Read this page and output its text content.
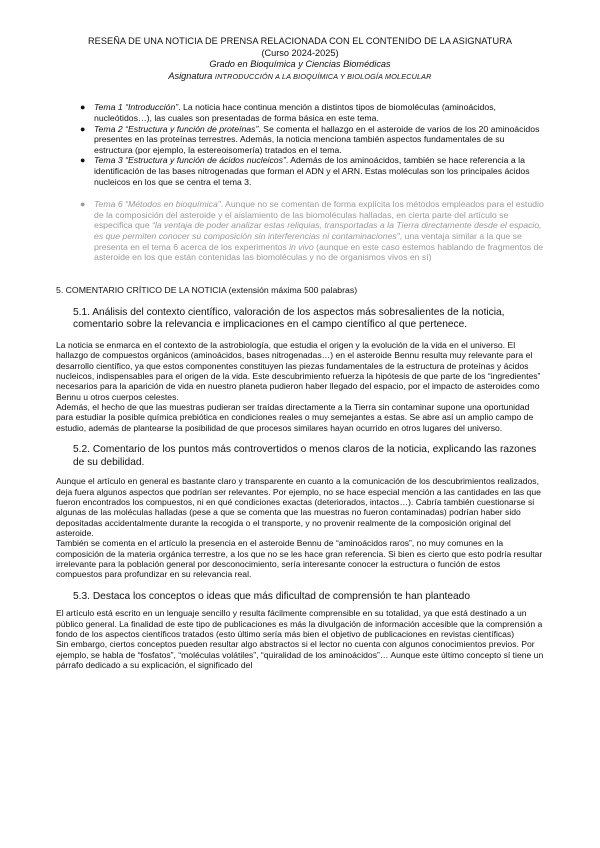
RESEÑA DE UNA NOTICIA DE PRENSA RELACIONADA CON EL CONTENIDO DE LA ASIGNATURA
(Curso 2024-2025)
Grado en Bioquímica y Ciencias Biomédicas
Asignatura INTRODUCCIÓN A LA BIOQUÍMICA Y BIOLOGÍA MOLECULAR
● Tema 1 “Introducción”. La noticia hace continua mención a distintos tipos de biomoléculas (aminoácidos, nucleótidos…), las cuales son presentadas de forma básica en este tema.
● Tema 2 “Estructura y función de proteínas”. Se comenta el hallazgo en el asteroide de varios de los 20 aminoácidos presentes en las proteínas terrestres. Además, la noticia menciona también aspectos fundamentales de su estructura (por ejemplo, la estereoisomería) tratados en el tema.
● Tema 3 “Estructura y función de ácidos nucleicos”. Además de los aminoácidos, también se hace referencia a la identificación de las bases nitrogenadas que forman el ADN y el ARN. Estas moléculas son los principales ácidos nucleicos en los que se centra el tema 3.
● Tema 6 “Métodos en bioquímica”. Aunque no se comentan de forma explícita los métodos empleados para el estudio de la composición del asteroide y el aislamiento de las biomoléculas halladas, en cierta parte del artículo se especifica que “la ventaja de poder analizar estas reliquias, transportadas a la Tierra directamente desde el espacio, es que permiten conocer su composición sin interferencias ni contaminaciones”, una ventaja similar a la que se presenta en el tema 6 acerca de los experimentos in vivo (aunque en este caso estemos hablando de fragmentos de asteroide en los que están contenidas las biomoléculas y no de organismos vivos en sí)
5. COMENTARIO CRÍTICO DE LA NOTICIA (extensión máxima 500 palabras)
5.1. Análisis del contexto científico, valoración de los aspectos más sobresalientes de la noticia, comentario sobre la relevancia e implicaciones en el campo científico al que pertenece.
La noticia se enmarca en el contexto de la astrobiología, que estudia el origen y la evolución de la vida en el universo. El hallazgo de compuestos orgánicos (aminoácidos, bases nitrogenadas…) en el asteroide Bennu resulta muy relevante para el desarrollo científico, ya que estos componentes constituyen las piezas fundamentales de la estructura de proteínas y ácidos nucleicos, indispensables para el origen de la vida. Este descubrimiento refuerza la hipótesis de que parte de los “ingredientes” necesarios para la aparición de vida en nuestro planeta pudieron haber llegado del espacio, por el impacto de asteroides como Bennu u otros cuerpos celestes.
Además, el hecho de que las muestras pudieran ser traídas directamente a la Tierra sin contaminar supone una oportunidad para estudiar la posible química prebiótica en condiciones reales o muy semejantes a estas. Se abre así un amplio campo de estudio, además de plantearse la posibilidad de que procesos similares hayan ocurrido en otros lugares del universo.
5.2. Comentario de los puntos más controvertidos o menos claros de la noticia, explicando las razones de su debilidad.
Aunque el artículo en general es bastante claro y transparente en cuanto a la comunicación de los descubrimientos realizados, deja fuera algunos aspectos que podrían ser relevantes. Por ejemplo, no se hace especial mención a las cantidades en las que fueron encontrados los compuestos, ni en qué condiciones exactas (deteriorados, intactos…). Cabría también cuestionarse si algunas de las moléculas halladas (pese a que se comenta que las muestras no fueron contaminadas) podrían haber sido depositadas accidentalmente durante la recogida o el transporte, y no provenir realmente de la composición original del asteroide.
También se comenta en el artículo la presencia en el asteroide Bennu de “aminoácidos raros”, no muy comunes en la composición de la materia orgánica terrestre, a los que no se les hace gran referencia. Si bien es cierto que esto podría resultar irrelevante para la población general por desconocimiento, sería interesante conocer la estructura o función de estos compuestos para profundizar en su relevancia real.
5.3. Destaca los conceptos o ideas que más dificultad de comprensión te han planteado
El artículo está escrito en un lenguaje sencillo y resulta fácilmente comprensible en su totalidad, ya que está destinado a un público general. La finalidad de este tipo de publicaciones es más la divulgación de información accesible que la comprensión a fondo de los aspectos científicos tratados (esto último sería más bien el objetivo de publicaciones en revistas científicas)
Sin embargo, ciertos conceptos pueden resultar algo abstractos si el lector no cuenta con algunos conocimientos previos. Por ejemplo, se habla de “fosfatos”, “moléculas volátiles”, “quiralidad de los aminoácidos”… Aunque este último concepto sí tiene un párrafo dedicado a su explicación, el significado del
